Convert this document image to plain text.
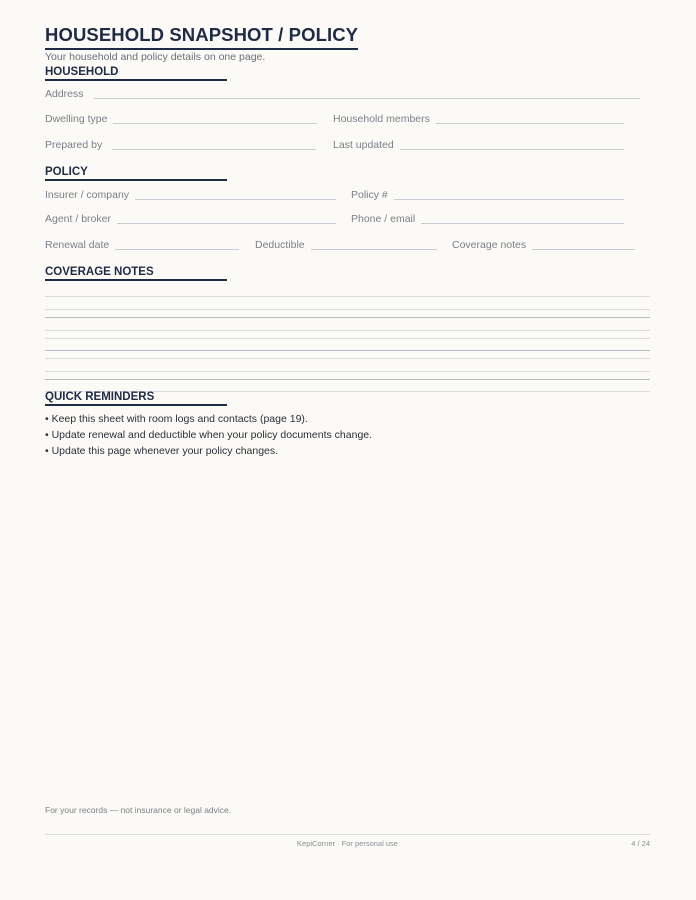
HOUSEHOLD SNAPSHOT / POLICY
Your household and policy details on one page.
HOUSEHOLD
Address
Dwelling type	Household members
Prepared by	Last updated
POLICY
Insurer / company	Policy #
Agent / broker	Phone / email
Renewal date	Deductible	Coverage notes
COVERAGE NOTES
QUICK REMINDERS
• Keep this sheet with room logs and contacts (page 19).
• Update renewal and deductible when your policy documents change.
• Update this page whenever your policy changes.
For your records — not insurance or legal advice.
KepiCorner · For personal use	4 / 24
